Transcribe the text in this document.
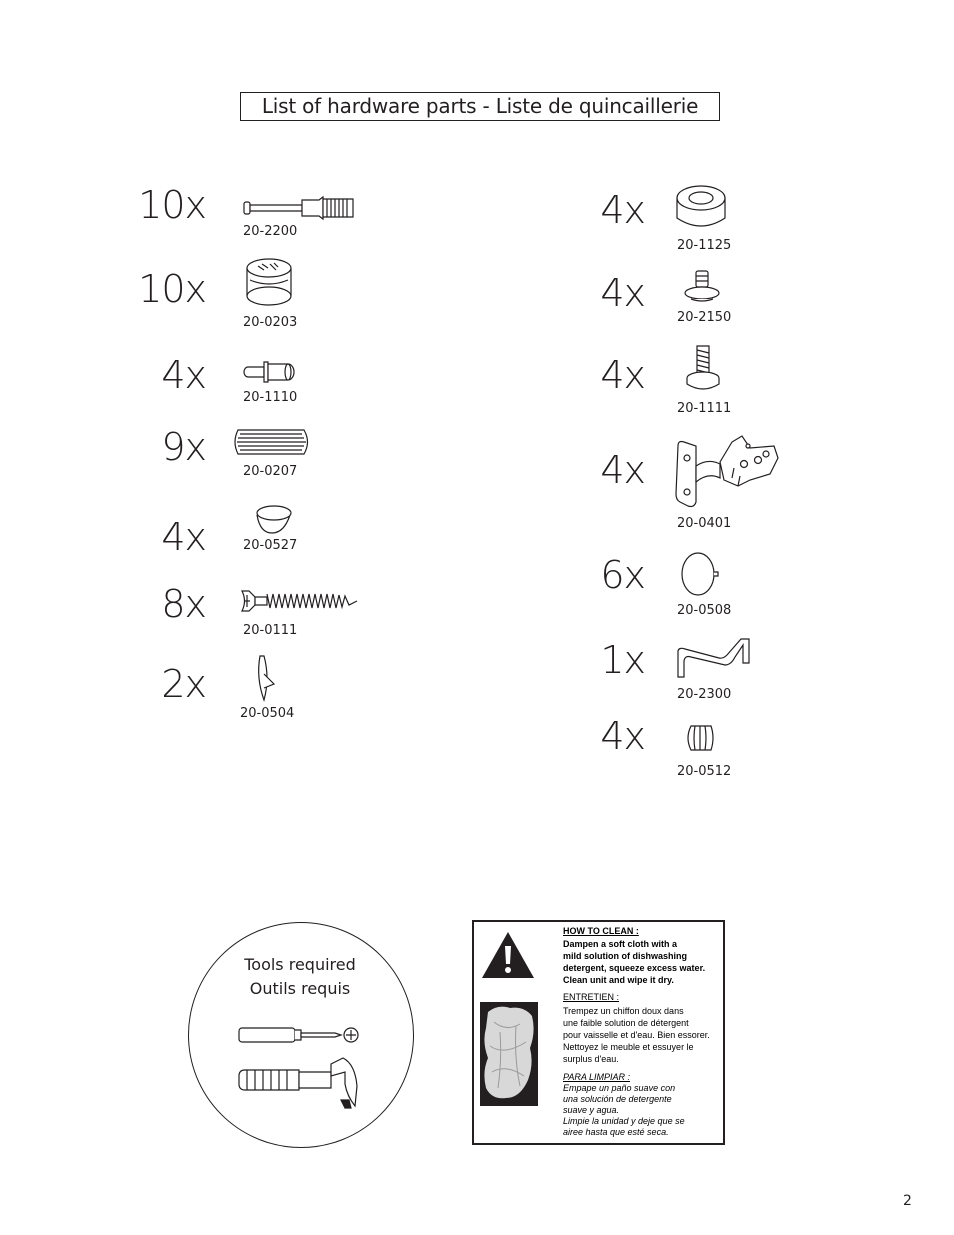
List of hardware parts - Liste de quincaillerie
10x
20-2200
10x
20-0203
4x
20-1110
9x
20-0207
4x	20-0527
8x
20-0111
2x
20-0504
4x
20-1125
4x
20-2150
4x
20-1111
4x
20-0401
6x
20-0508
1x
20-2300
4x
20-0512
Tools required
Outils requis
HOW TO CLEAN :
Dampen a soft cloth with a
mild solution of dishwashing
detergent, squeeze excess water.
Clean unit and wipe it dry.
ENTRETIEN :
Trempez un chiffon doux dans
une faible solution de détergent
pour vaisselle et d'eau. Bien essorer.
Nettoyez le meuble et essuyer le
surplus d'eau.
PARA LIMPIAR :
Empape un paño suave con
una solución de detergente
suave y agua.
Limpie la unidad y deje que se
airee hasta que esté seca.
2
